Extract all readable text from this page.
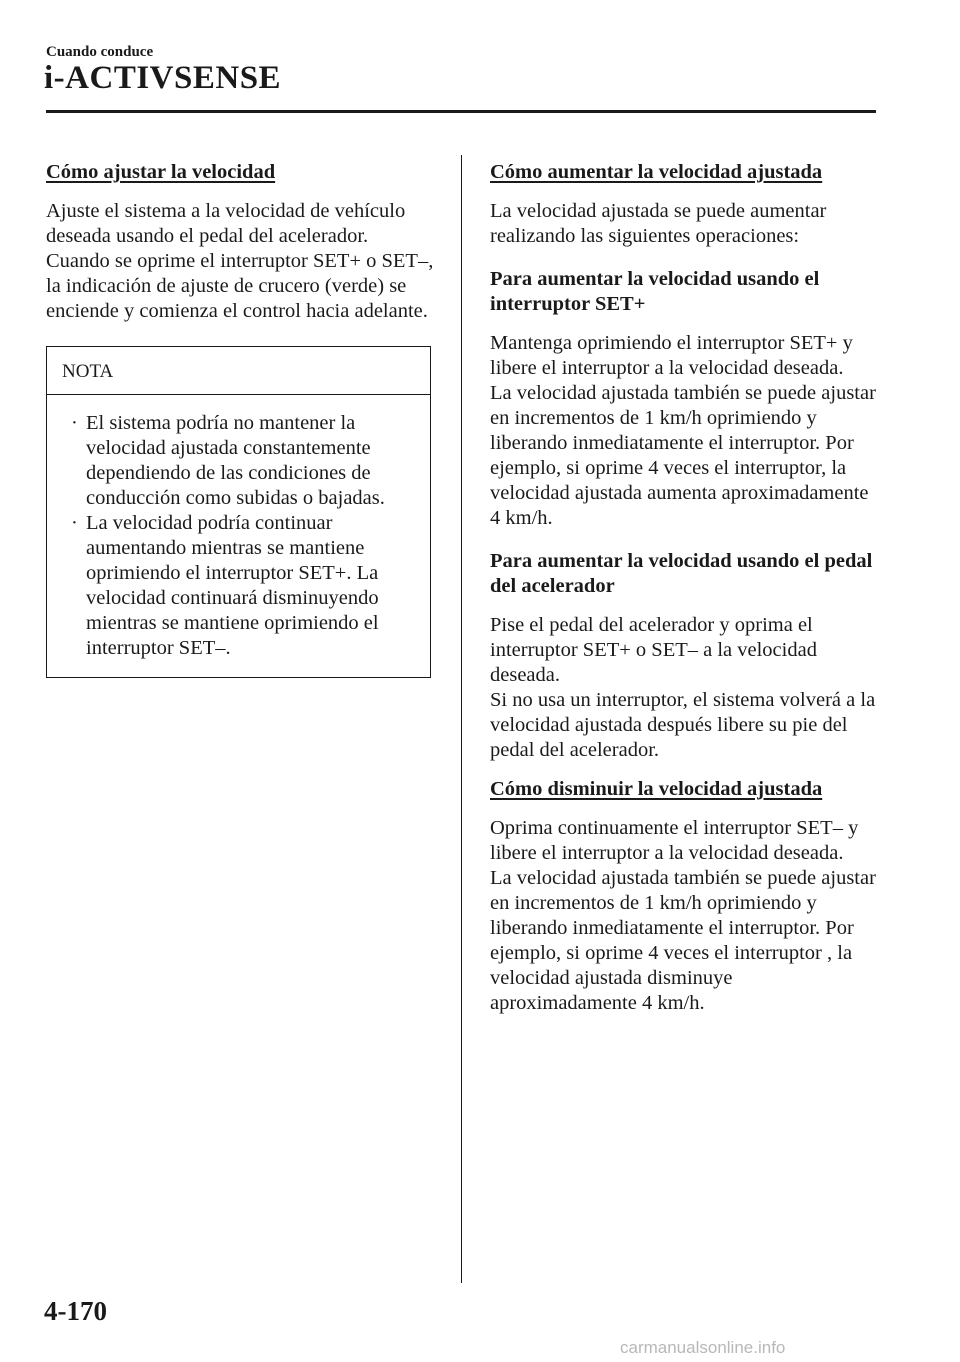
Cuando conduce
i-ACTIVSENSE

Cómo ajustar la velocidad

Ajuste el sistema a la velocidad de vehículo deseada usando el pedal del acelerador.

Cuando se oprime el interruptor SET+ o SET–, la indicación de ajuste de crucero (verde) se enciende y comienza el control hacia adelante.

NOTA
· El sistema podría no mantener la velocidad ajustada constantemente dependiendo de las condiciones de conducción como subidas o bajadas.
· La velocidad podría continuar aumentando mientras se mantiene oprimiendo el interruptor SET+. La velocidad continuará disminuyendo mientras se mantiene oprimiendo el interruptor SET–.

Cómo aumentar la velocidad ajustada

La velocidad ajustada se puede aumentar realizando las siguientes operaciones:

Para aumentar la velocidad usando el interruptor SET+

Mantenga oprimiendo el interruptor SET+ y libere el interruptor a la velocidad deseada.

La velocidad ajustada también se puede ajustar en incrementos de 1 km/h oprimiendo y liberando inmediatamente el interruptor. Por ejemplo, si oprime 4 veces el interruptor, la velocidad ajustada aumenta aproximadamente 4 km/h.

Para aumentar la velocidad usando el pedal del acelerador

Pise el pedal del acelerador y oprima el interruptor SET+ o SET– a la velocidad deseada.

Si no usa un interruptor, el sistema volverá a la velocidad ajustada después libere su pie del pedal del acelerador.

Cómo disminuir la velocidad ajustada

Oprima continuamente el interruptor SET– y libere el interruptor a la velocidad deseada.

La velocidad ajustada también se puede ajustar en incrementos de 1 km/h oprimiendo y liberando inmediatamente el interruptor. Por ejemplo, si oprime 4 veces el interruptor , la velocidad ajustada disminuye aproximadamente 4 km/h.

4-170
carmanualsonline.info
